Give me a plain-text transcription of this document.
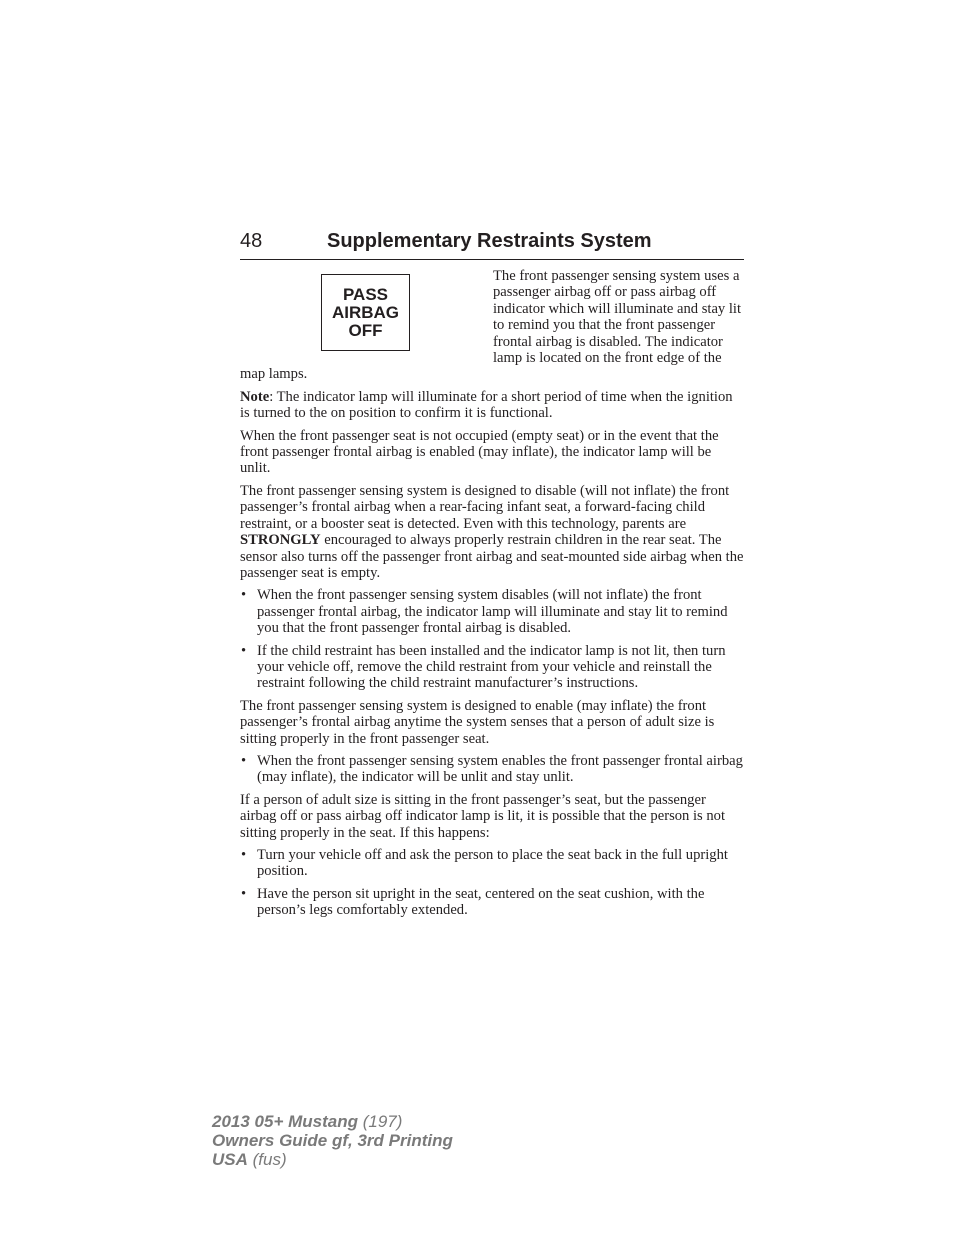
48	Supplementary Restraints System
PASS
AIRBAG
OFF

The front passenger sensing system uses a passenger airbag off or pass airbag off indicator which will illuminate and stay lit to remind you that the front passenger frontal airbag is disabled. The indicator lamp is located on the front edge of the map lamps.

Note: The indicator lamp will illuminate for a short period of time when the ignition is turned to the on position to confirm it is functional.

When the front passenger seat is not occupied (empty seat) or in the event that the front passenger frontal airbag is enabled (may inflate), the indicator lamp will be unlit.

The front passenger sensing system is designed to disable (will not inflate) the front passenger’s frontal airbag when a rear-facing infant seat, a forward-facing child restraint, or a booster seat is detected. Even with this technology, parents are STRONGLY encouraged to always properly restrain children in the rear seat. The sensor also turns off the passenger front airbag and seat-mounted side airbag when the passenger seat is empty.

• When the front passenger sensing system disables (will not inflate) the front passenger frontal airbag, the indicator lamp will illuminate and stay lit to remind you that the front passenger frontal airbag is disabled.
• If the child restraint has been installed and the indicator lamp is not lit, then turn your vehicle off, remove the child restraint from your vehicle and reinstall the restraint following the child restraint manufacturer’s instructions.

The front passenger sensing system is designed to enable (may inflate) the front passenger’s frontal airbag anytime the system senses that a person of adult size is sitting properly in the front passenger seat.

• When the front passenger sensing system enables the front passenger frontal airbag (may inflate), the indicator will be unlit and stay unlit.

If a person of adult size is sitting in the front passenger’s seat, but the passenger airbag off or pass airbag off indicator lamp is lit, it is possible that the person is not sitting properly in the seat. If this happens:

• Turn your vehicle off and ask the person to place the seat back in the full upright position.
• Have the person sit upright in the seat, centered on the seat cushion, with the person’s legs comfortably extended.
2013 05+ Mustang (197)
Owners Guide gf, 3rd Printing
USA (fus)
